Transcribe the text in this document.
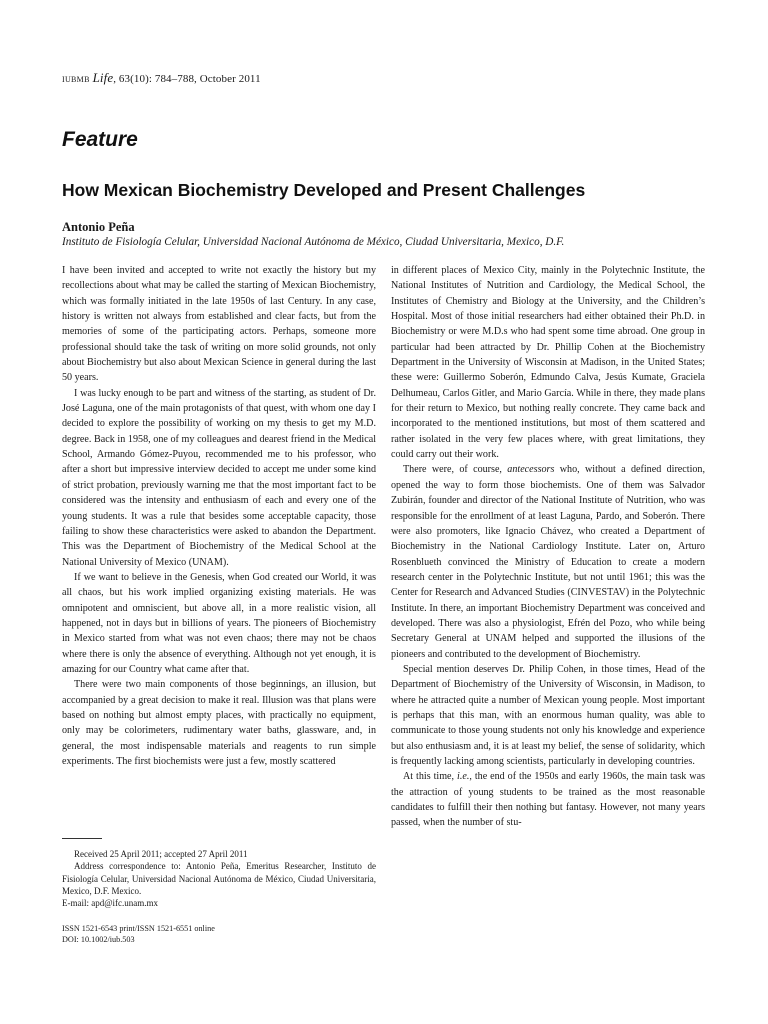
IUBMB Life, 63(10): 784–788, October 2011
Feature
How Mexican Biochemistry Developed and Present Challenges
Antonio Peña
Instituto de Fisiología Celular, Universidad Nacional Autónoma de México, Ciudad Universitaria, Mexico, D.F.

I have been invited and accepted to write not exactly the history but my recollections about what may be called the starting of Mexican Biochemistry, which was formally initiated in the late 1950s of last Century. In any case, history is written not always from established and clear facts, but from the memories of some of the participating actors. Perhaps, someone more professional should take the task of writing on more solid grounds, not only about Biochemistry but also about Mexican Science in general during the last 50 years.

I was lucky enough to be part and witness of the starting, as student of Dr. José Laguna, one of the main protagonists of that quest, with whom one day I decided to explore the possibility of working on my thesis to get my M.D. degree. Back in 1958, one of my colleagues and dearest friend in the Medical School, Armando Gómez-Puyou, recommended me to his professor, who after a short but impressive interview decided to accept me under some kind of strict probation, previously warning me that the most important fact to be considered was the intensity and enthusiasm of each and every one of the young students. It was a rule that besides some acceptable capacity, those failing to show these characteristics were asked to abandon the Department. This was the Department of Biochemistry of the Medical School at the National University of Mexico (UNAM).

If we want to believe in the Genesis, when God created our World, it was all chaos, but his work implied organizing existing materials. He was omnipotent and omniscient, but above all, in a more realistic vision, all happened, not in days but in billions of years. The pioneers of Biochemistry in Mexico started from what was not even chaos; there may not be chaos where there is only the absence of everything. Although not yet enough, it is amazing for our Country what came after that.

There were two main components of those beginnings, an illusion, but accompanied by a great decision to make it real. Illusion was that plans were based on nothing but almost empty places, with practically no equipment, only may be colorimeters, rudimentary water baths, glassware, and, in general, the most indispensable materials and reagents to run simple experiments. The first biochemists were just a few, mostly scattered

in different places of Mexico City, mainly in the Polytechnic Institute, the National Institutes of Nutrition and Cardiology, the Medical School, the Institutes of Chemistry and Biology at the University, and the Children’s Hospital. Most of those initial researchers had either obtained their Ph.D. in Biochemistry or were M.D.s who had spent some time abroad. One group in particular had been attracted by Dr. Phillip Cohen at the Biochemistry Department in the University of Wisconsin at Madison, in the United States; these were: Guillermo Soberón, Edmundo Calva, Jesús Kumate, Graciela Delhumeau, Carlos Gitler, and Mario García. While in there, they made plans for their return to Mexico, but nothing really concrete. They came back and incorporated to the mentioned institutions, but most of them scattered and rather isolated in the very few places where, with great limitations, they could carry out their work.

There were, of course, antecessors who, without a defined direction, opened the way to form those biochemists. One of them was Salvador Zubirán, founder and director of the National Institute of Nutrition, who was responsible for the enrollment of at least Laguna, Pardo, and Soberón. There were also promoters, like Ignacio Chávez, who created a Department of Biochemistry in the National Cardiology Institute. Later on, Arturo Rosenblueth convinced the Ministry of Education to create a modern research center in the Polytechnic Institute, but not until 1961; this was the Center for Research and Advanced Studies (CINVESTAV) in the Polytechnic Institute. In there, an important Biochemistry Department was conceived and developed. There was also a physiologist, Efrén del Pozo, who while being Secretary General at UNAM helped and supported the illusions of the pioneers and contributed to the development of Biochemistry.

Special mention deserves Dr. Philip Cohen, in those times, Head of the Department of Biochemistry of the University of Wisconsin, in Madison, to where he attracted quite a number of Mexican young people. Most important is perhaps that this man, with an enormous human quality, was able to communicate to those young students not only his knowledge and experience but also enthusiasm and, it is at least my belief, the sense of solidarity, which is frequently lacking among scientists, particularly in developing countries.

At this time, i.e., the end of the 1950s and early 1960s, the main task was the attraction of young students to be trained as the most reasonable candidates to fulfill their then nothing but fantasy. However, not many years passed, when the number of stu-

Received 25 April 2011; accepted 27 April 2011

Address correspondence to: Antonio Peña, Emeritus Researcher, Instituto de Fisiología Celular, Universidad Nacional Autónoma de México, Ciudad Universitaria, Mexico, D.F. Mexico.

E-mail: apd@ifc.unam.mx

ISSN 1521-6543 print/ISSN 1521-6551 online

DOI: 10.1002/iub.503
